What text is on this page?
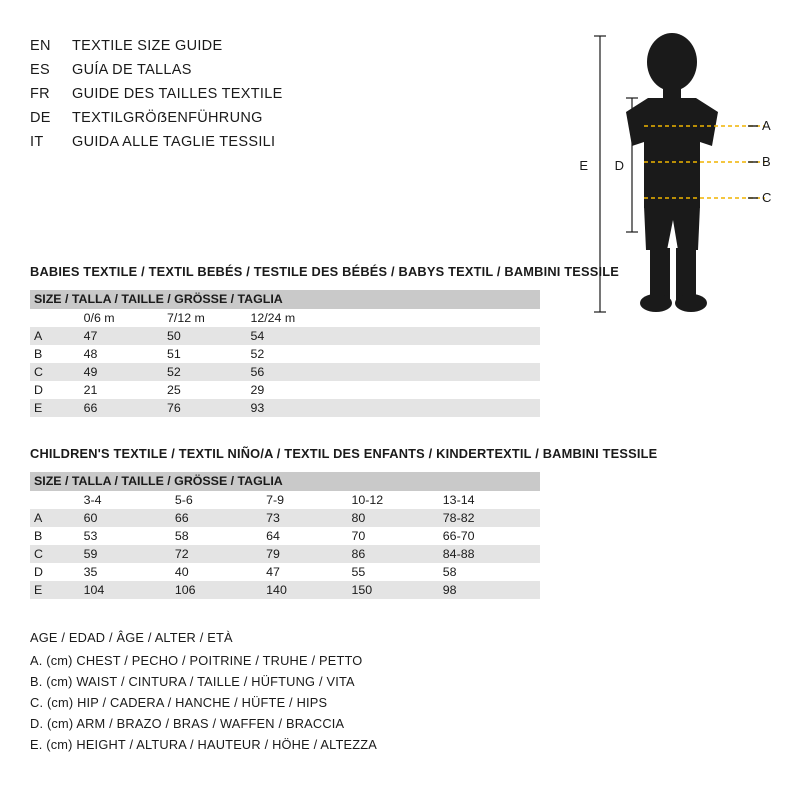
EN	TEXTILE SIZE GUIDE
ES	GUÍA DE TALLAS
FR	GUIDE DES TAILLES TEXTILE
DE	TEXTILGRÖẞENFÜHRUNG
IT	GUIDA ALLE TAGLIE TESSILI
A
B
C
E D
BABIES TEXTILE / TEXTIL BEBÉS / TESTILE DES BÉBÉS / BABYS TEXTIL / BAMBINI TESSILE
SIZE / TALLA / TAILLE / GRÖSSE / TAGLIA			
	0/6 m	7/12 m	12/24 m
A	47	50	54
B	48	51	52
C	49	52	56
D	21	25	29
E	66	76	93
CHILDREN'S TEXTILE / TEXTIL NIÑO/A / TEXTIL DES ENFANTS / KINDERTEXTIL / BAMBINI TESSILE
SIZE / TALLA / TAILLE / GRÖSSE / TAGLIA					
	3-4	5-6	7-9	10-12	13-14
A	60	66	73	80	78-82
B	53	58	64	70	66-70
C	59	72	79	86	84-88
D	35	40	47	55	58
E	104	106	140	150	98
AGE / EDAD / ÂGE / ALTER / ETÀ
A. (cm) CHEST / PECHO / POITRINE / TRUHE / PETTO
B. (cm) WAIST / CINTURA / TAILLE / HÜFTUNG / VITA
C. (cm) HIP / CADERA / HANCHE / HÜFTE / HIPS
D. (cm) ARM / BRAZO / BRAS / WAFFEN / BRACCIA
E. (cm) HEIGHT / ALTURA / HAUTEUR / HÖHE / ALTEZZA
